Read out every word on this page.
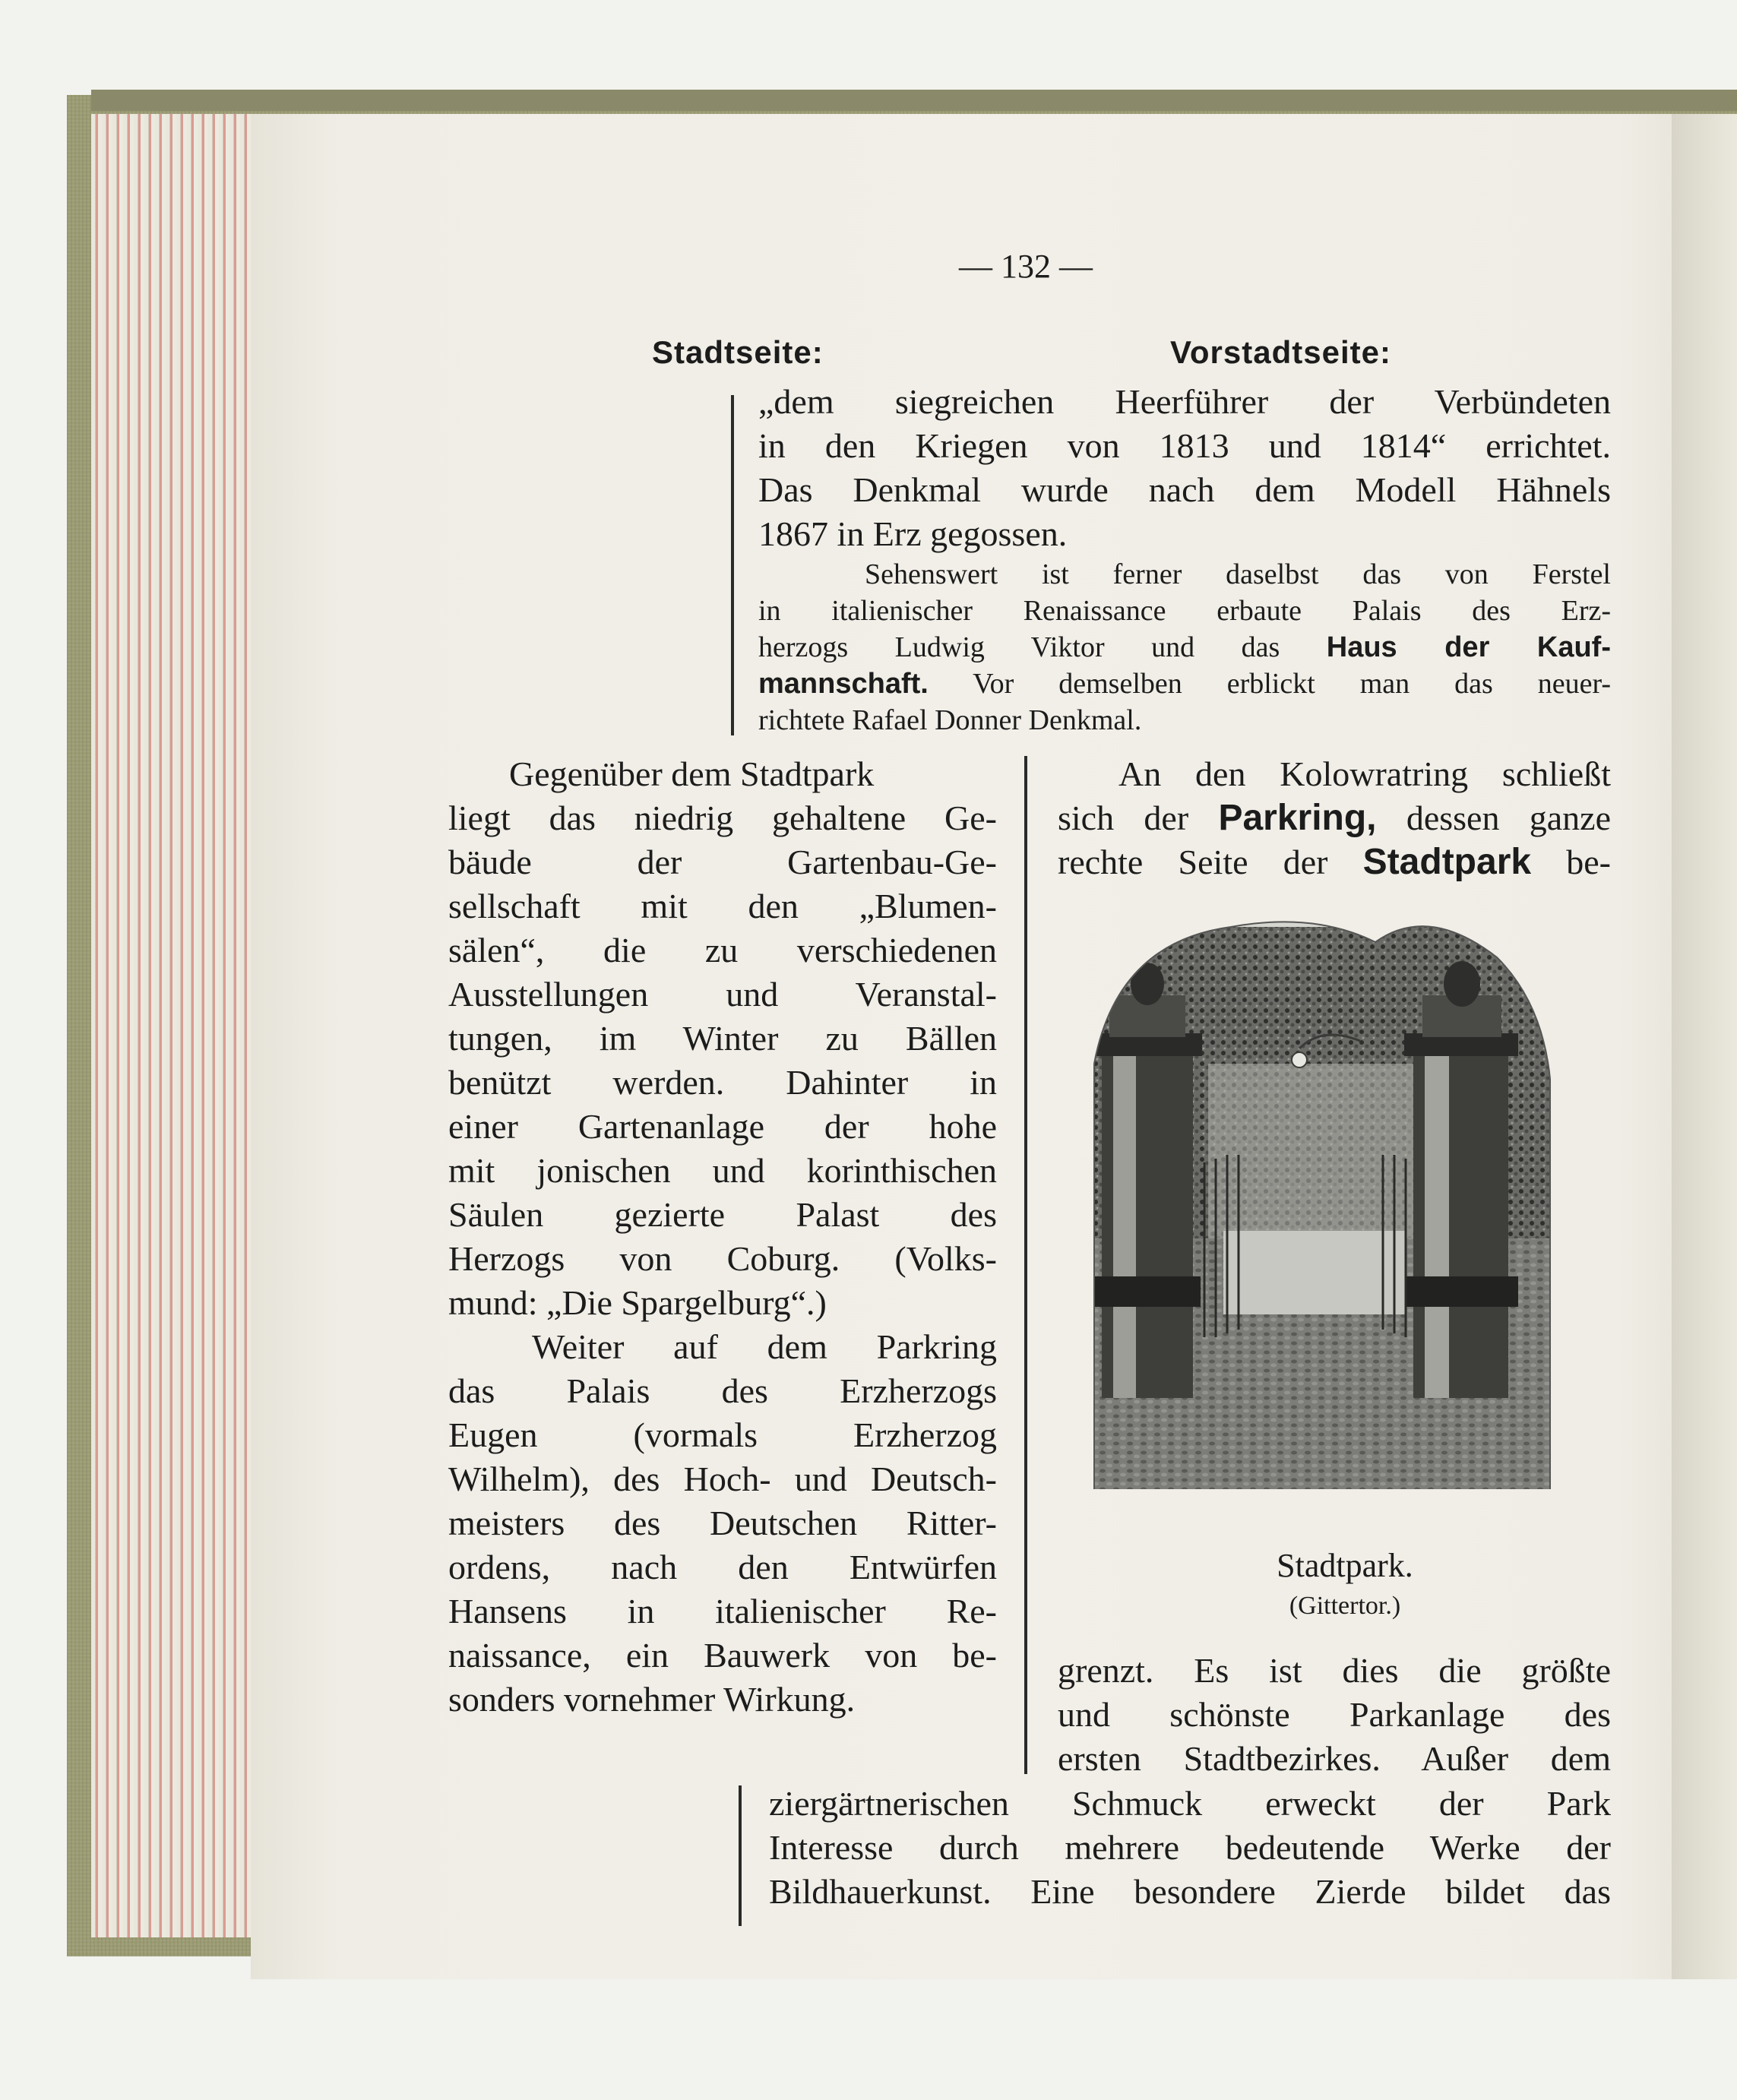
— 132 —
Stadtseite:	Vorstadtseite:
„dem siegreichen Heerführer der Verbündeten
in den Kriegen von 1813 und 1814“ errichtet.
Das Denkmal wurde nach dem Modell Hähnels
1867 in Erz gegossen.
Sehenswert ist ferner daselbst das von Ferstel
in italienischer Renaissance erbaute Palais des Erz-
herzogs Ludwig Viktor und das Haus der Kauf-
mannschaft. Vor demselben erblickt man das neuer-
richtete Rafael Donner Denkmal.
Gegenüber dem Stadtpark
liegt das niedrig gehaltene Ge-
bäude der Gartenbau-Ge-
sellschaft mit den „Blumen-
sälen“, die zu verschiedenen
Ausstellungen und Veranstal-
tungen, im Winter zu Bällen
benützt werden. Dahinter in
einer Gartenanlage der hohe
mit jonischen und korinthischen
Säulen gezierte Palast des
Herzogs von Coburg. (Volks-
mund: „Die Spargelburg“.)
Weiter auf dem Parkring
das Palais des Erzherzogs
Eugen (vormals Erzherzog
Wilhelm), des Hoch- und Deutsch-
meisters des Deutschen Ritter-
ordens, nach den Entwürfen
Hansens in italienischer Re-
naissance, ein Bauwerk von be-
sonders vornehmer Wirkung.
An den Kolowratring schließt
sich der Parkring, dessen ganze
rechte Seite der Stadtpark be-
Stadtpark.
(Gittertor.)
grenzt. Es ist dies die größte
und schönste Parkanlage des
ersten Stadtbezirkes. Außer dem
ziergärtnerischen Schmuck erweckt der Park
Interesse durch mehrere bedeutende Werke der
Bildhauerkunst. Eine besondere Zierde bildet das
